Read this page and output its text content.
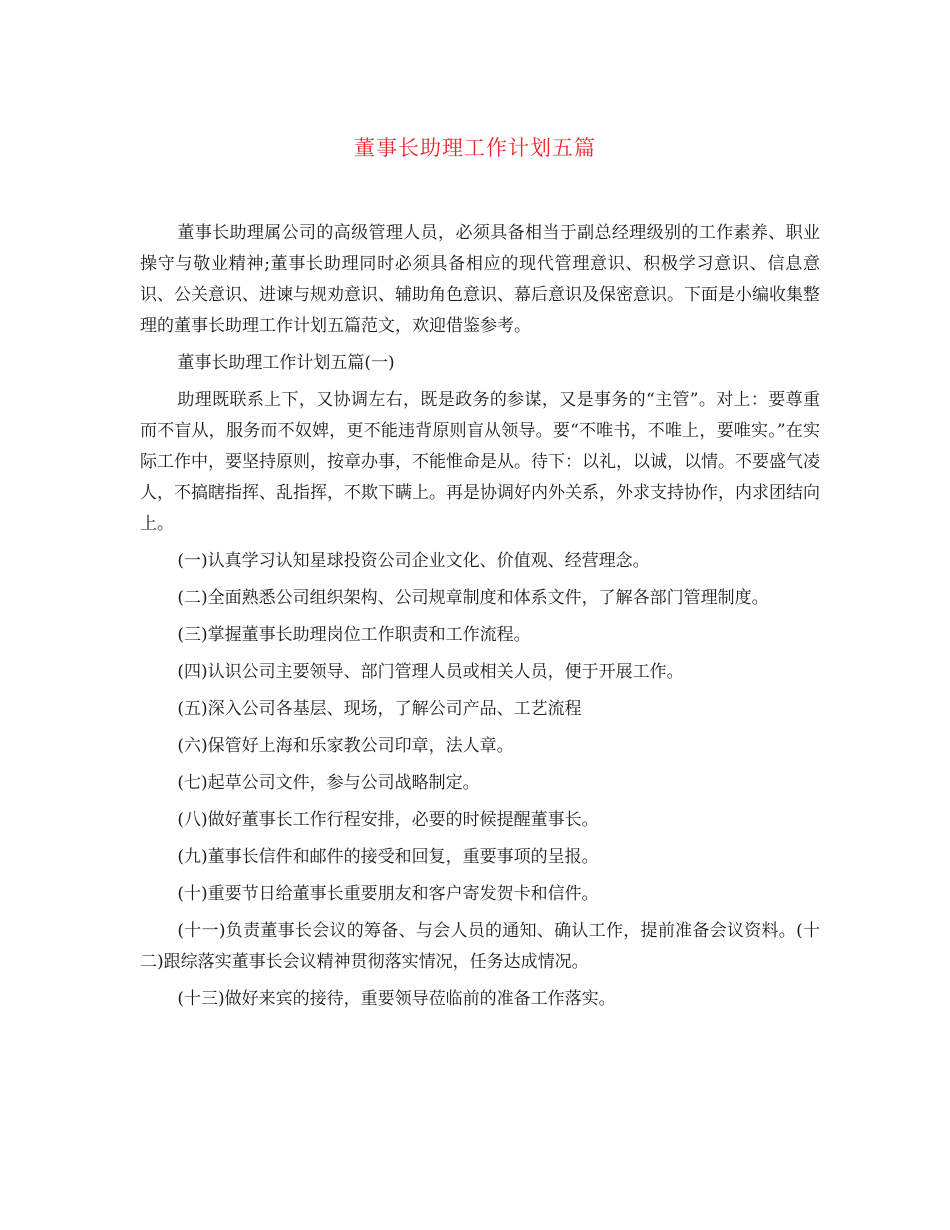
董事长助理工作计划五篇

董事长助理属公司的高级管理人员，必须具备相当于副总经理级别的工作素养、职业操守与敬业精神;董事长助理同时必须具备相应的现代管理意识、积极学习意识、信息意识、公关意识、进谏与规劝意识、辅助角色意识、幕后意识及保密意识。下面是小编收集整理的董事长助理工作计划五篇范文，欢迎借鉴参考。

董事长助理工作计划五篇(一)

助理既联系上下，又协调左右，既是政务的参谋，又是事务的“主管”。对上：要尊重而不盲从，服务而不奴婢，更不能违背原则盲从领导。要“不唯书，不唯上，要唯实。”在实际工作中，要坚持原则，按章办事，不能惟命是从。待下：以礼，以诚，以情。不要盛气凌人，不搞瞎指挥、乱指挥，不欺下瞒上。再是协调好内外关系，外求支持协作，内求团结向上。

(一)认真学习认知星球投资公司企业文化、价值观、经营理念。

(二)全面熟悉公司组织架构、公司规章制度和体系文件，了解各部门管理制度。

(三)掌握董事长助理岗位工作职责和工作流程。

(四)认识公司主要领导、部门管理人员或相关人员，便于开展工作。

(五)深入公司各基层、现场，了解公司产品、工艺流程

(六)保管好上海和乐家教公司印章，法人章。

(七)起草公司文件，参与公司战略制定。

(八)做好董事长工作行程安排，必要的时候提醒董事长。

(九)董事长信件和邮件的接受和回复，重要事项的呈报。

(十)重要节日给董事长重要朋友和客户寄发贺卡和信件。

(十一)负责董事长会议的筹备、与会人员的通知、确认工作，提前准备会议资料。(十二)跟综落实董事长会议精神贯彻落实情况，任务达成情况。

(十三)做好来宾的接待，重要领导莅临前的准备工作落实。
